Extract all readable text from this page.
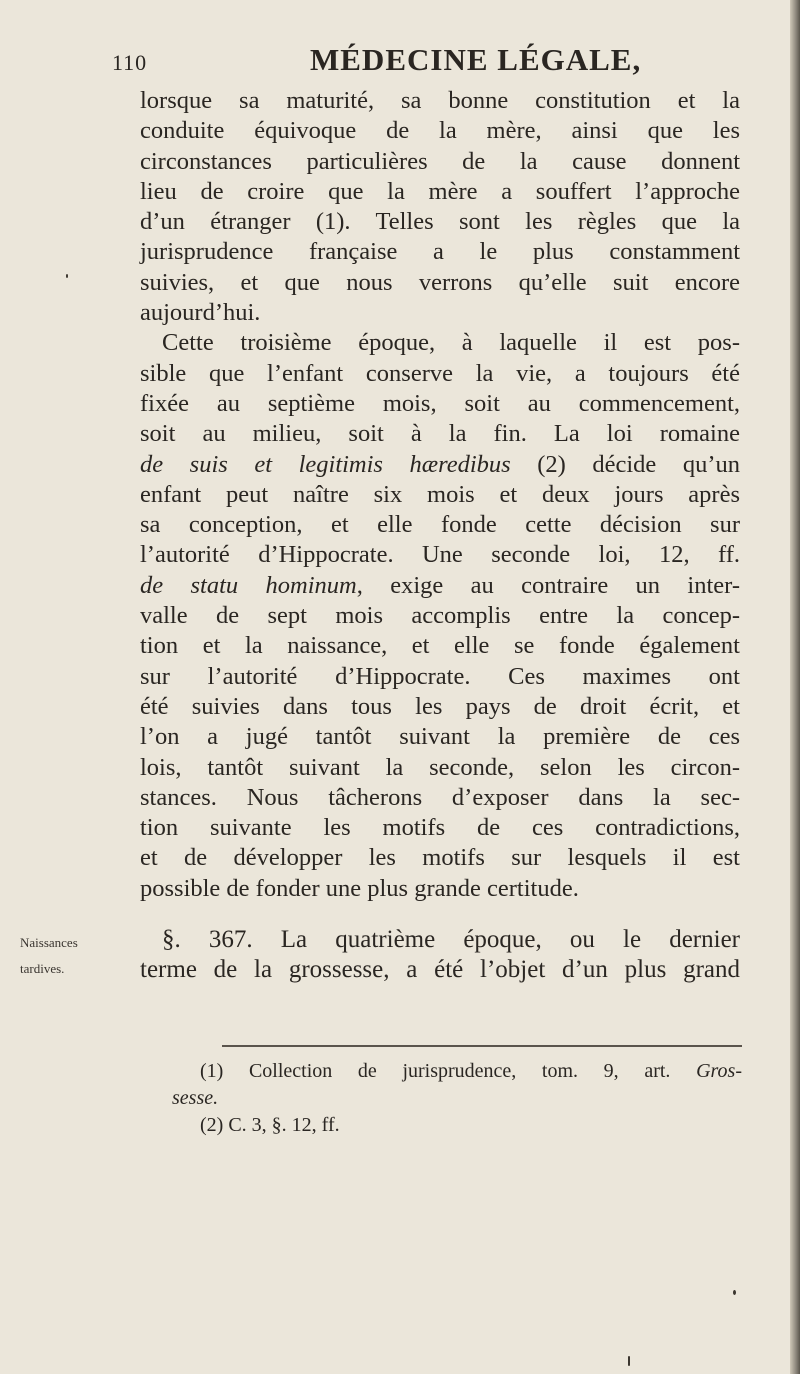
110	MÉDECINE LÉGALE,
lorsque sa maturité, sa bonne constitution et la
conduite équivoque de la mère, ainsi que les
circonstances particulières de la cause donnent
lieu de croire que la mère a souffert l’approche
d’un étranger (1). Telles sont les règles que la
jurisprudence française a le plus constamment
suivies, et que nous verrons qu’elle suit encore
aujourd’hui.
Cette troisième époque, à laquelle il est pos-
sible que l’enfant conserve la vie, a toujours été
fixée au septième mois, soit au commencement,
soit au milieu, soit à la fin. La loi romaine
de suis et legitimis hæredibus (2) décide qu’un
enfant peut naître six mois et deux jours après
sa conception, et elle fonde cette décision sur
l’autorité d’Hippocrate. Une seconde loi, 12, ff.
de statu hominum, exige au contraire un inter-
valle de sept mois accomplis entre la concep-
tion et la naissance, et elle se fonde également
sur l’autorité d’Hippocrate. Ces maximes ont
été suivies dans tous les pays de droit écrit, et
l’on a jugé tantôt suivant la première de ces
lois, tantôt suivant la seconde, selon les circon-
stances. Nous tâcherons d’exposer dans la sec-
tion suivante les motifs de ces contradictions,
et de développer les motifs sur lesquels il est
possible de fonder une plus grande certitude.
Naissances
tardives.
§. 367. La quatrième époque, ou le dernier
terme de la grossesse, a été l’objet d’un plus grand
(1) Collection de jurisprudence, tom. 9, art. Gros-
sesse.
(2) C. 3, §. 12, ff.
